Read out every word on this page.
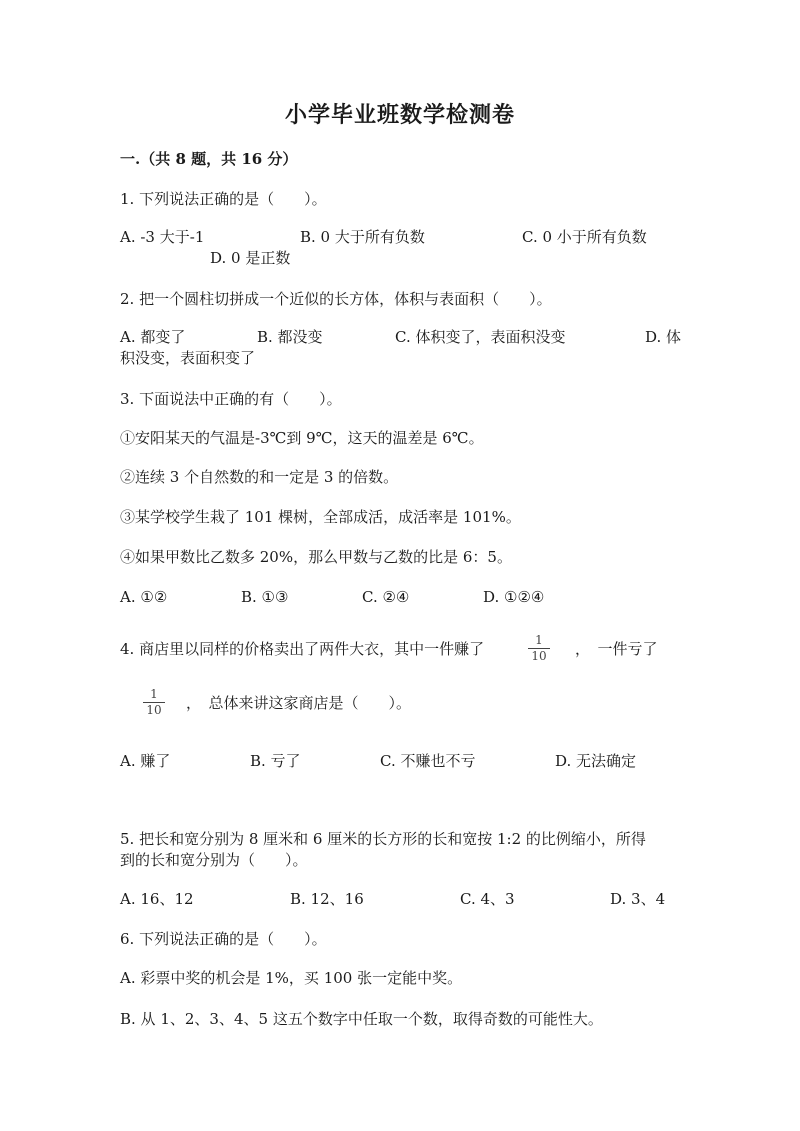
小学毕业班数学检测卷
一.（共 8 题，共 16 分）
1. 下列说法正确的是（　　）。
A. -3 大于-1	B. 0 大于所有负数	C. 0 小于所有负数
D. 0 是正数
2. 把一个圆柱切拼成一个近似的长方体，体积与表面积（　　）。
A. 都变了	B. 都没变	C. 体积变了，表面积没变	D. 体
积没变，表面积变了
3. 下面说法中正确的有（　　）。
①安阳某天的气温是-3℃到 9℃，这天的温差是 6℃。
②连续 3 个自然数的和一定是 3 的倍数。
③某学校学生栽了 101 棵树，全部成活，成活率是 101%。
④如果甲数比乙数多 20%，那么甲数与乙数的比是 6：5。
A. ①②	B. ①③	C. ②④	D. ①②④
4. 商店里以同样的价格卖出了两件大衣，其中一件赚了	$\frac{1}{10}$ ，　一件亏了
$\frac{1}{10}$ ，　总体来讲这家商店是（　　）。
A. 赚了	B. 亏了	C. 不赚也不亏	D. 无法确定
5. 把长和宽分别为 8 厘米和 6 厘米的长方形的长和宽按 1:2 的比例缩小，所得
到的长和宽分别为（　　）。
A. 16、12	B. 12、16	C. 4、3	D. 3、4
6. 下列说法正确的是（　　）。
A. 彩票中奖的机会是 1%，买 100 张一定能中奖。
B. 从 1、2、3、4、5 这五个数字中任取一个数，取得奇数的可能性大。
